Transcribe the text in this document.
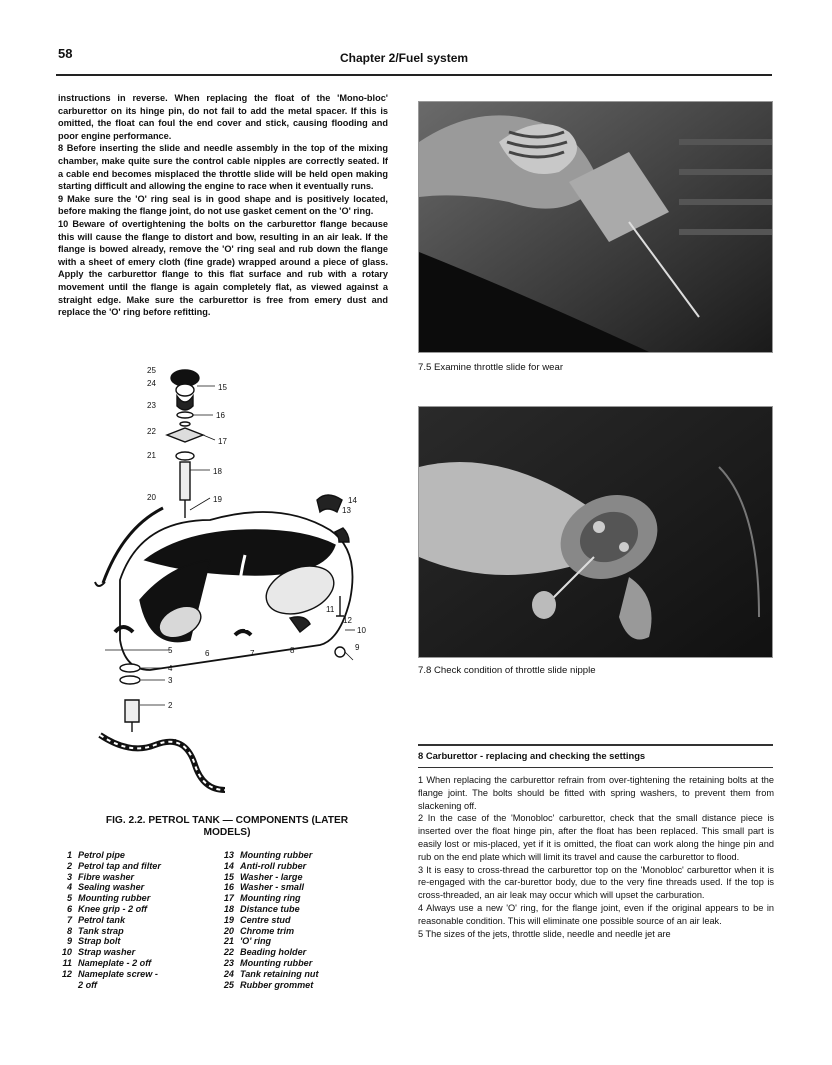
58	Chapter 2/Fuel system

instructions in reverse. When replacing the float of the 'Mono-bloc' carburettor on its hinge pin, do not fail to add the metal spacer. If this is omitted, the float can foul the end cover and stick, causing flooding and poor engine performance.

8 Before inserting the slide and needle assembly in the top of the mixing chamber, make quite sure the control cable nipples are correctly seated. If a cable end becomes misplaced the throttle slide will be held open making starting difficult and allowing the engine to race when it eventually runs.

9 Make sure the 'O' ring seal is in good shape and is positively located, before making the flange joint, do not use gasket cement on the 'O' ring.

10 Beware of overtightening the bolts on the carburettor flange because this will cause the flange to distort and bow, resulting in an air leak. If the flange is bowed already, remove the 'O' ring seal and rub down the flange with a sheet of emery cloth (fine grade) wrapped around a piece of glass. Apply the carburettor flange to this flat surface and rub with a rotary movement until the flange is again completely flat, as viewed against a straight edge. Make sure the carburettor is free from emery dust and replace the 'O' ring before refitting.

BSA
25
24	15
23
16
22
17
21
18
20	19	14
13
11
12
10
5	6	7	8	9
4
3
2
1
FIG. 2.2. PETROL TANK — COMPONENTS (LATER MODELS)
1 Petrol pipe
2 Petrol tap and filter
3 Fibre washer
4 Sealing washer
5 Mounting rubber
6 Knee grip - 2 off
7 Petrol tank
8 Tank strap
9 Strap bolt
10 Strap washer
11 Nameplate - 2 off
12 Nameplate screw -
2 off
13 Mounting rubber
14 Anti-roll rubber
15 Washer - large
16 Washer - small
17 Mounting ring
18 Distance tube
19 Centre stud
20 Chrome trim
21 'O' ring
22 Beading holder
23 Mounting rubber
24 Tank retaining nut
25 Rubber grommet
7.5 Examine throttle slide for wear
7.8 Check condition of throttle slide nipple
8 Carburettor - replacing and checking the settings

1 When replacing the carburettor refrain from over-tightening the retaining bolts at the flange joint. The bolts should be fitted with spring washers, to prevent them from slackening off.

2 In the case of the 'Monobloc' carburettor, check that the small distance piece is inserted over the float hinge pin, after the float has been replaced. This small part is easily lost or mis-placed, yet if it is omitted, the float can work along the hinge pin and rub on the end plate which will limit its travel and cause the carburettor to flood.

3 It is easy to cross-thread the carburettor top on the 'Monobloc' carburettor when it is re-engaged with the car-burettor body, due to the very fine threads used. If the top is cross-threaded, an air leak may occur which will upset the carburation.

4 Always use a new 'O' ring, for the flange joint, even if the original appears to be in reasonable condition. This will eliminate one possible source of an air leak.

5 The sizes of the jets, throttle slide, needle and needle jet are
